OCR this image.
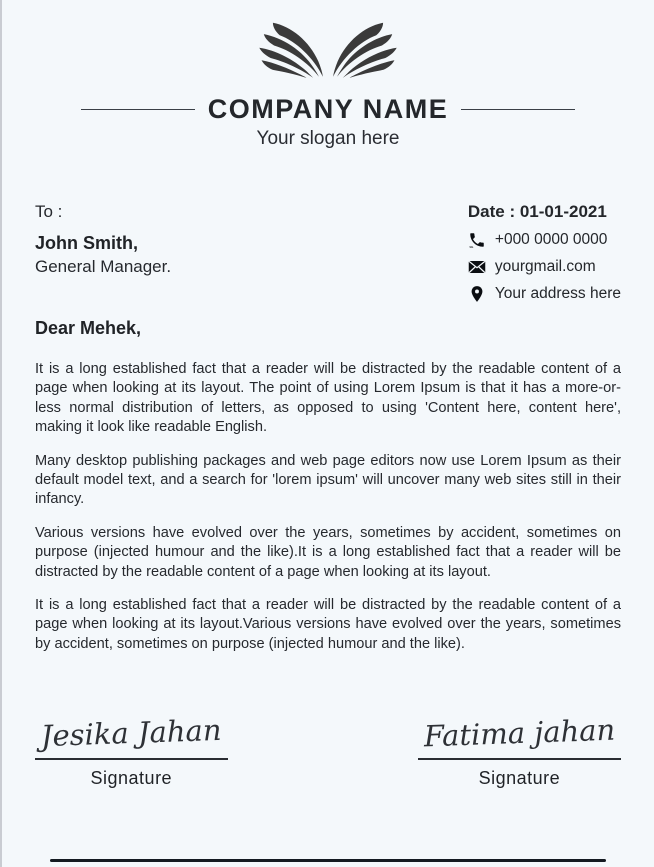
COMPANY NAME
Your slogan here
To :
John Smith,
General Manager.
Date : 01-01-2021
+000 0000 0000
yourgmail.com
Your address here
Dear Mehek,

It is a long established fact that a reader will be distracted by the readable content of a page when looking at its layout. The point of using Lorem Ipsum is that it has a more-or-less normal distribution of letters, as opposed to using 'Content here, content here', making it look like readable English.

Many desktop publishing packages and web page editors now use Lorem Ipsum as their default model text, and a search for 'lorem ipsum' will uncover many web sites still in their infancy.

Various versions have evolved over the years, sometimes by accident, sometimes on purpose (injected humour and the like).It is a long established fact that a reader will be distracted by the readable content of a page when looking at its layout.

It is a long established fact that a reader will be distracted by the readable content of a page when looking at its layout.Various versions have evolved over the years, sometimes by accident, sometimes on purpose (injected humour and the like).

Jesika Jahan
Signature
Fatima jahan
Signature
